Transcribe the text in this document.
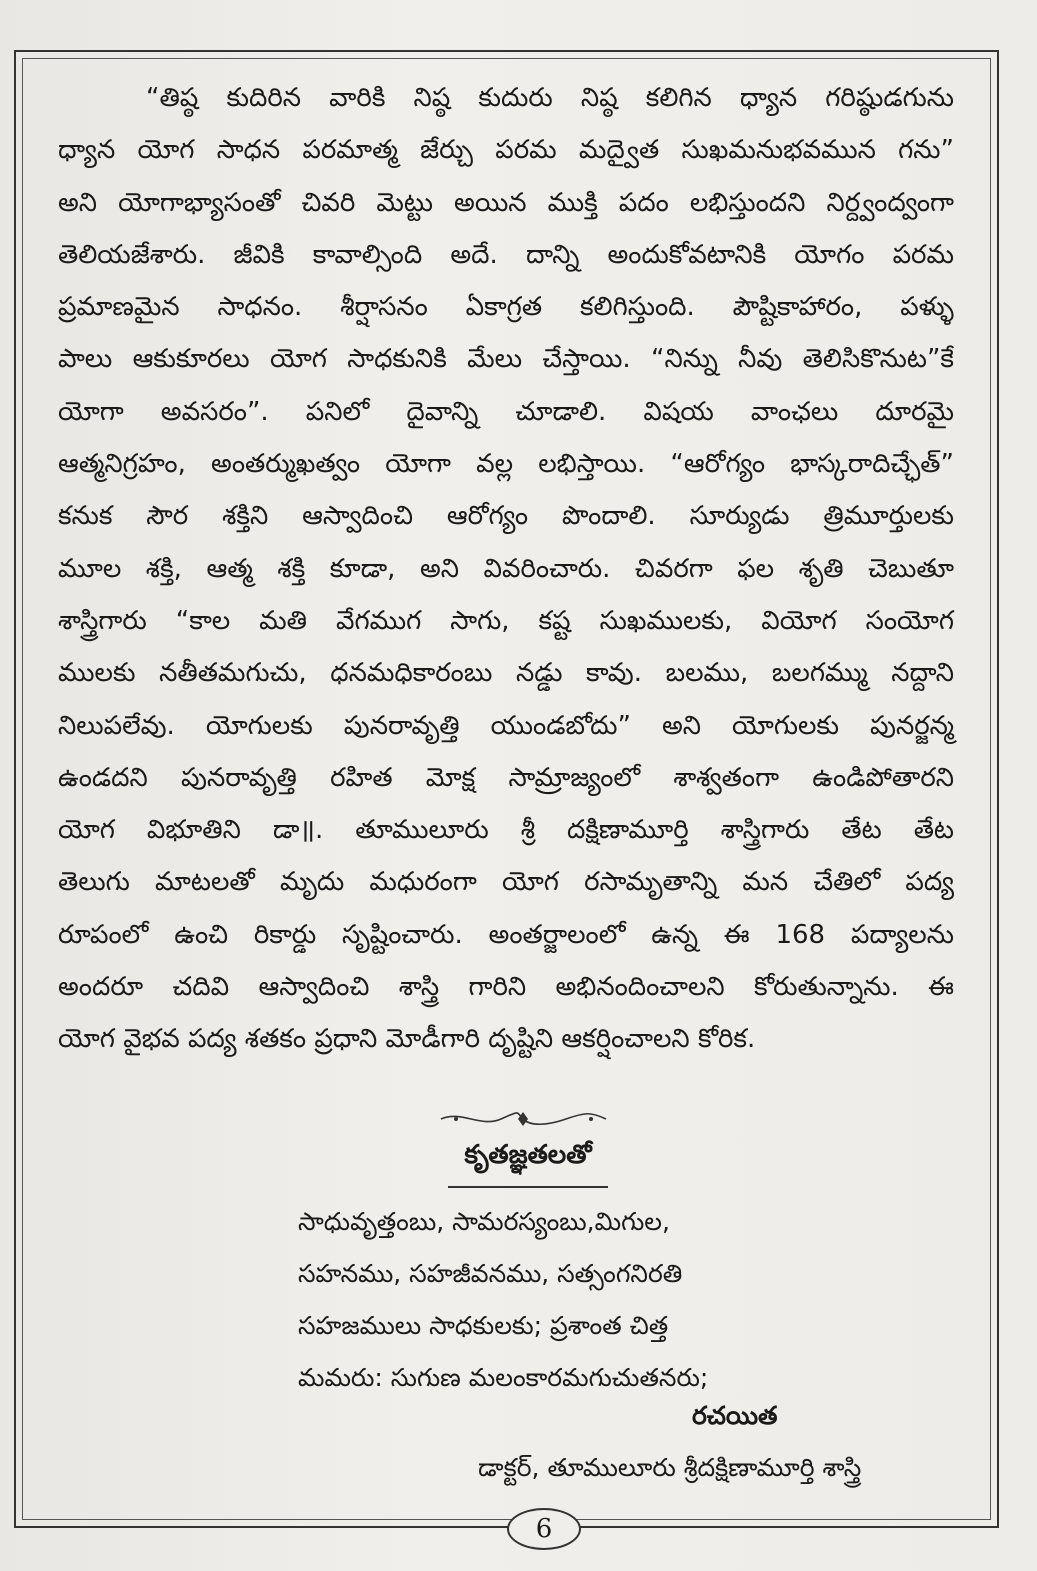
“తిష్ఠ కుదిరిన వారికి నిష్ఠ కుదురు నిష్ఠ కలిగిన ధ్యాన గరిష్ఠుడగును
ధ్యాన యోగ సాధన పరమాత్మ జేర్చు పరమ మద్వైత సుఖమనుభవమున గను”
అని యోగాభ్యాసంతో చివరి మెట్టు అయిన ముక్తి పదం లభిస్తుందని నిర్ద్వంద్వంగా
తెలియజేశారు. జీవికి కావాల్సింది అదే. దాన్ని అందుకోవటానికి యోగం పరమ
ప్రమాణమైన సాధనం. శీర్షాసనం ఏకాగ్రత కలిగిస్తుంది. పౌష్టికాహారం, పళ్ళు
పాలు ఆకుకూరలు యోగ సాధకునికి మేలు చేస్తాయి. “నిన్ను నీవు తెలిసికొనుట”కే
యోగా అవసరం”. పనిలో దైవాన్ని చూడాలి. విషయ వాంఛలు దూరమై
ఆత్మనిగ్రహం, అంతర్ముఖత్వం యోగా వల్ల లభిస్తాయి. “ఆరోగ్యం భాస్కరాదిచ్ఛేత్”
కనుక సౌర శక్తిని ఆస్వాదించి ఆరోగ్యం పొందాలి. సూర్యుడు త్రిమూర్తులకు
మూల శక్తి, ఆత్మ శక్తి కూడా, అని వివరించారు. చివరగా ఫల శృతి చెబుతూ
శాస్త్రిగారు “కాల మతి వేగముగ సాగు, కష్ట సుఖములకు, వియోగ సంయోగ
ములకు నతీతమగుచు, ధనమధికారంబు నడ్డు కావు. బలము, బలగమ్ము నద్దాని
నిలుపలేవు. యోగులకు పునరావృత్తి యుండబోదు” అని యోగులకు పునర్జన్మ
ఉండదని పునరావృత్తి రహిత మోక్ష సామ్రాజ్యంలో శాశ్వతంగా ఉండిపోతారని
యోగ విభూతిని డా॥. తూములూరు శ్రీ దక్షిణామూర్తి శాస్త్రిగారు తేట తేట
తెలుగు మాటలతో మృదు మధురంగా యోగ రసామృతాన్ని మన చేతిలో పద్య
రూపంలో ఉంచి రికార్డు సృష్టించారు. అంతర్జాలంలో ఉన్న ఈ 168 పద్యాలను
అందరూ చదివి ఆస్వాదించి శాస్త్రి గారిని అభినందించాలని కోరుతున్నాను. ఈ
యోగ వైభవ పద్య శతకం ప్రధాని మోడీగారి దృష్టిని ఆకర్షించాలని కోరిక.
కృతజ్ఞతలతో
సాధువృత్తంబు, సామరస్యంబు,మిగుల,
సహనము, సహజీవనము, సత్సంగనిరతి
సహజములు సాధకులకు; ప్రశాంత చిత్త
మమరు: సుగుణ మలంకారమగుచుతనరు;
రచయిత
డాక్టర్, తూములూరు శ్రీదక్షిణామూర్తి శాస్త్రి
6
